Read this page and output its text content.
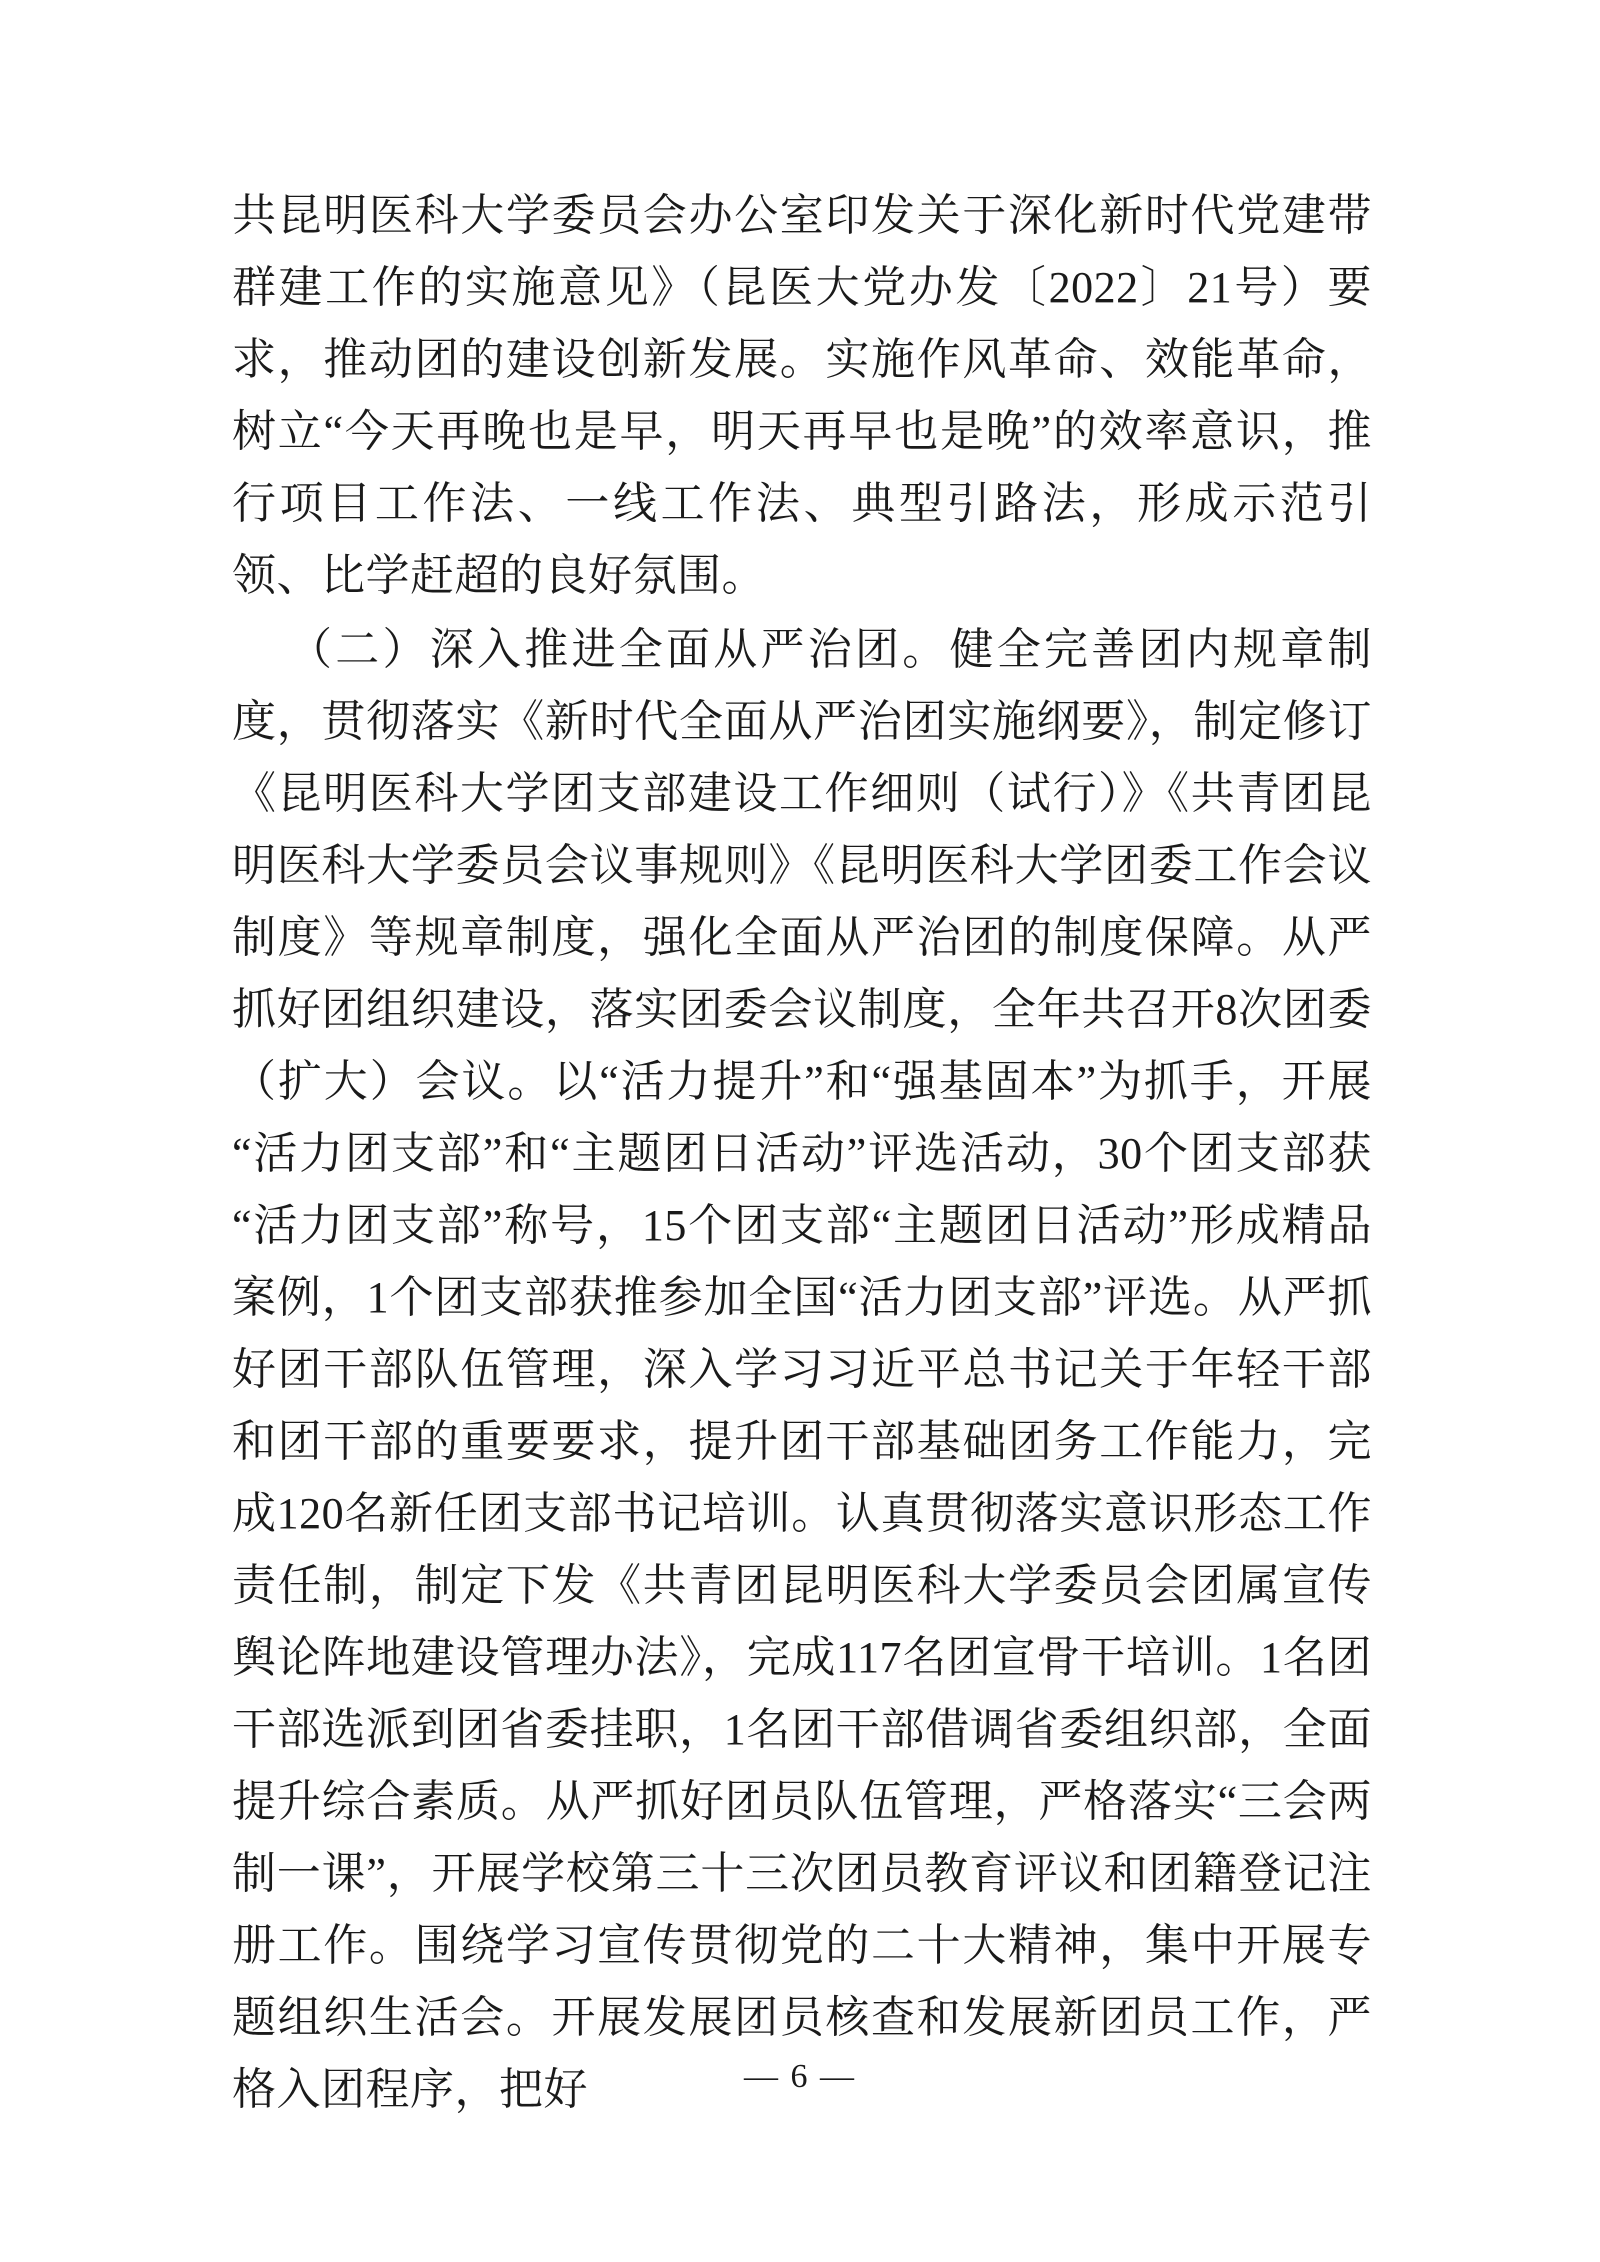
共昆明医科大学委员会办公室印发关于深化新时代党建带群建工作的实施意见》（昆医大党办发〔2022〕21号）要求，推动团的建设创新发展。实施作风革命、效能革命，树立“今天再晚也是早，明天再早也是晚”的效率意识，推行项目工作法、一线工作法、典型引路法，形成示范引领、比学赶超的良好氛围。

（二）深入推进全面从严治团。健全完善团内规章制度，贯彻落实《新时代全面从严治团实施纲要》，制定修订《昆明医科大学团支部建设工作细则（试行）》《共青团昆明医科大学委员会议事规则》《昆明医科大学团委工作会议制度》等规章制度，强化全面从严治团的制度保障。从严抓好团组织建设，落实团委会议制度，全年共召开8次团委（扩大）会议。以“活力提升”和“强基固本”为抓手，开展“活力团支部”和“主题团日活动”评选活动，30个团支部获“活力团支部”称号，15个团支部“主题团日活动”形成精品案例，1个团支部获推参加全国“活力团支部”评选。从严抓好团干部队伍管理，深入学习习近平总书记关于年轻干部和团干部的重要要求，提升团干部基础团务工作能力，完成120名新任团支部书记培训。认真贯彻落实意识形态工作责任制，制定下发《共青团昆明医科大学委员会团属宣传舆论阵地建设管理办法》，完成117名团宣骨干培训。1名团干部选派到团省委挂职，1名团干部借调省委组织部，全面提升综合素质。从严抓好团员队伍管理，严格落实“三会两制一课”，开展学校第三十三次团员教育评议和团籍登记注册工作。围绕学习宣传贯彻党的二十大精神，集中开展专题组织生活会。开展发展团员核查和发展新团员工作，严格入团程序，把好	— 6 —
